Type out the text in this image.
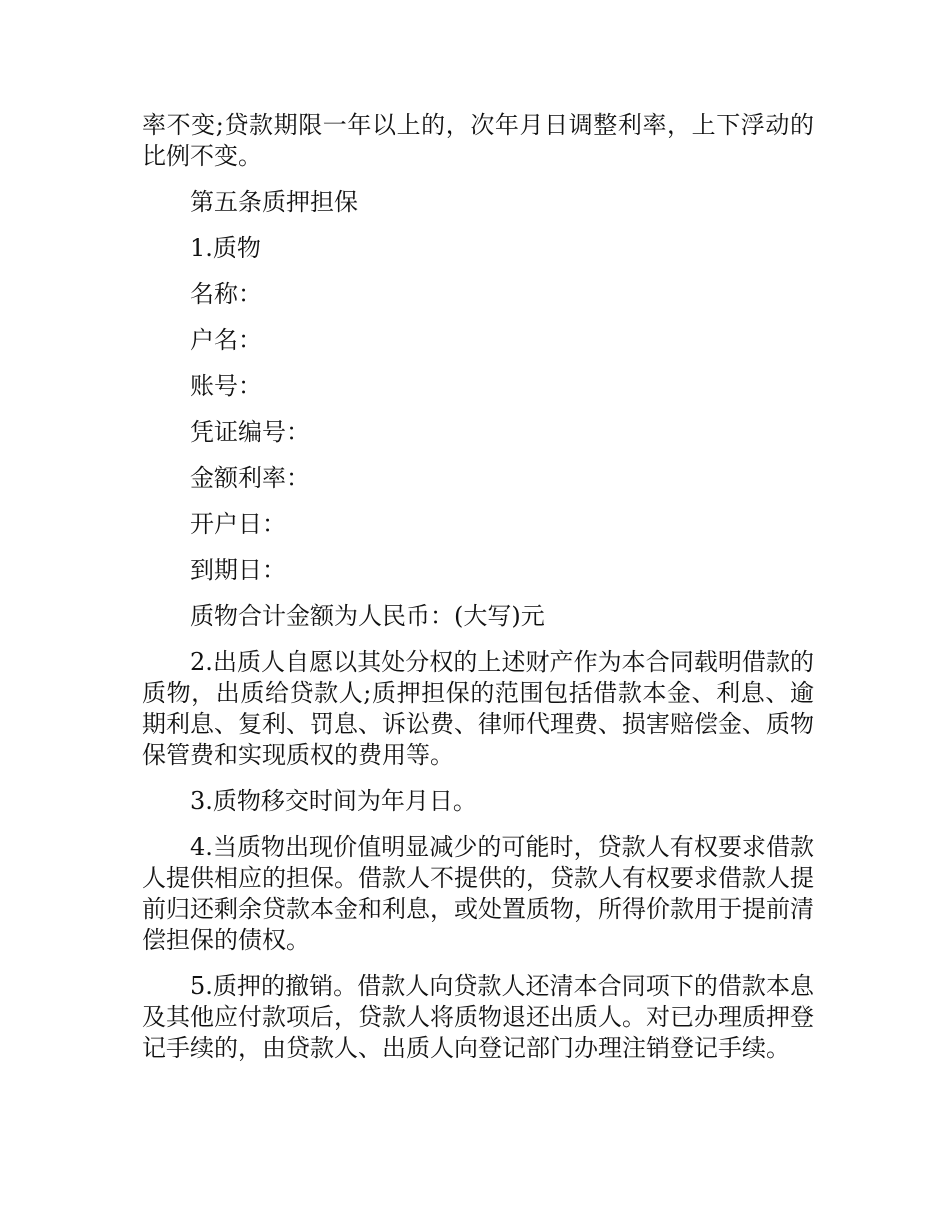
率不变;贷款期限一年以上的，次年月日调整利率，上下浮动的比例不变。

第五条质押担保

1.质物

名称：

户名：

账号：

凭证编号：

金额利率：

开户日：

到期日：

质物合计金额为人民币：(大写)元

2.出质人自愿以其处分权的上述财产作为本合同载明借款的质物，出质给贷款人;质押担保的范围包括借款本金、利息、逾期利息、复利、罚息、诉讼费、律师代理费、损害赔偿金、质物保管费和实现质权的费用等。

3.质物移交时间为年月日。

4.当质物出现价值明显减少的可能时，贷款人有权要求借款人提供相应的担保。借款人不提供的，贷款人有权要求借款人提前归还剩余贷款本金和利息，或处置质物，所得价款用于提前清偿担保的债权。

5.质押的撤销。借款人向贷款人还清本合同项下的借款本息及其他应付款项后，贷款人将质物退还出质人。对已办理质押登记手续的，由贷款人、出质人向登记部门办理注销登记手续。
